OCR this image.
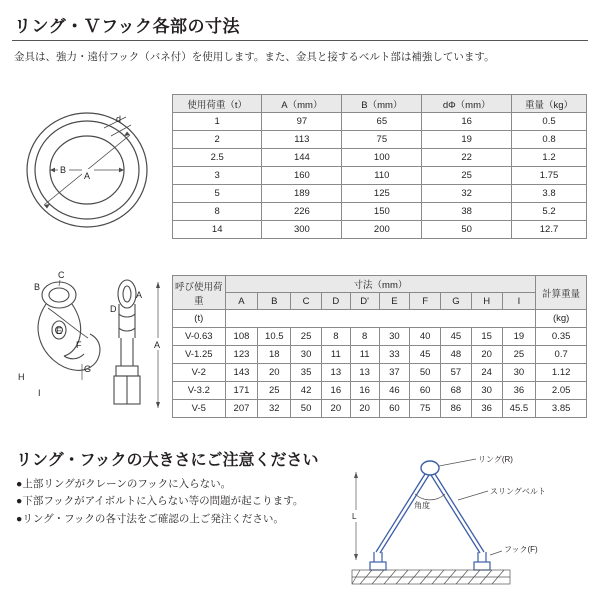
リング・Ｖフック各部の寸法
金具は、強力・遠付フック（バネ付）を使用します。また、金具と接するベルト部は補強しています。
d
B
A
使用荷重（t）	A（mm）	B（mm）	dΦ（mm）	重量（kg）
1	97	65	16	0.5
2	113	75	19	0.8
2.5	144	100	22	1.2
3	160	110	25	1.75
5	189	125	32	3.8
8	226	150	38	5.2
14	300	200	50	12.7
C
B
E
F
G
H
I
A
D
A
呼び使用荷重	寸法（mm）										計算重量
	A	B	C	D	D'	E	F	G	H	I	
(t)											(kg)
V-0.63	108	10.5	25	8	8	30	40	45	15	19	0.35
V-1.25	123	18	30	11	11	33	45	48	20	25	0.7
V-2	143	20	35	13	13	37	50	57	24	30	1.12
V-3.2	171	25	42	16	16	46	60	68	30	36	2.05
V-5	207	32	50	20	20	60	75	86	36	45.5	3.85
リング・フックの大きさにご注意ください
●上部リングがクレーンのフックに入らない。
●下部フックがアイボルトに入らない等の問題が起こります。
●リング・フックの各寸法をご確認の上ご発注ください。
リング(R)
スリングベルト
角度
フック(F)
L
